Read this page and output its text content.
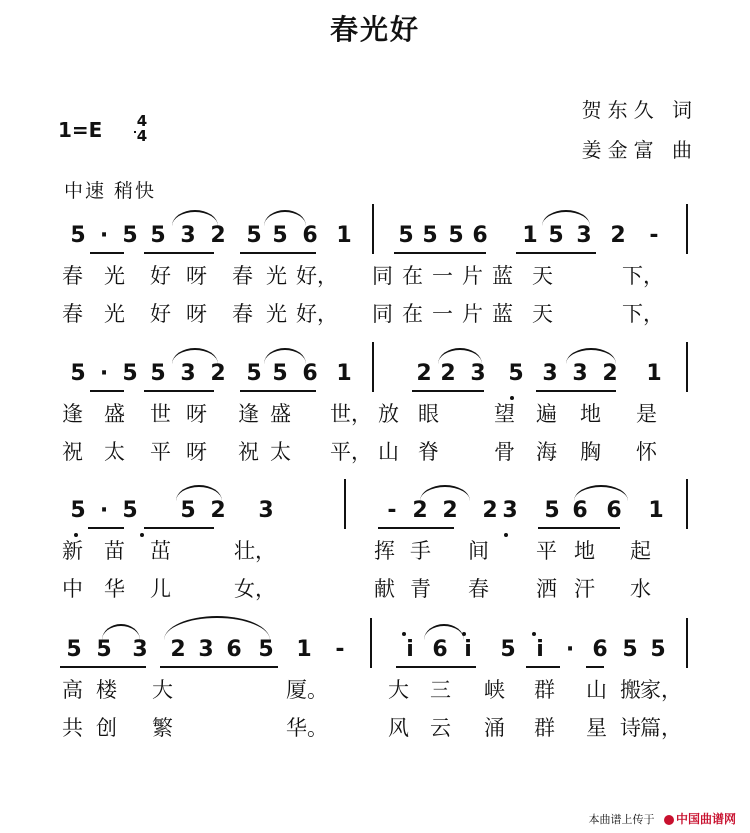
春光好
贺东久 词
姜金富 曲
1=E 4
4
中速 稍快
5 · 5 5 3 2 5 5 6 1 5 5 5 6 1 5 3 2 -
春 光 好 呀 春 光 好， 同 在 一 片 蓝 天	下，
春 光 好 呀 春 光 好， 同 在 一 片 蓝 天	下，
5 · 5 5 3 2 5 5 6 1	2 2 3 5 3 3 2 1
逢 盛 世 呀 逢 盛 世， 放 眼	望 遍 地 是
祝 太 平 呀 祝 太 平， 山 脊	骨 海 胸 怀
5 · 5 5 2 3	- 2 2 3 5 6 6 1
2
新 苗 茁	壮，	挥 手 间 平 地 起
中 华 儿	女，	献 青 春 洒 汗 水
5 5 3 2 3 6 5 1 -	i 6 i 5 i · 6 5 5
高 楼 大	厦。	大 三 峡 群 山 搬 家，
共 创 繁	华。	风 云 涌 群 星 诗 篇，
本曲谱上传于 中国曲谱网
